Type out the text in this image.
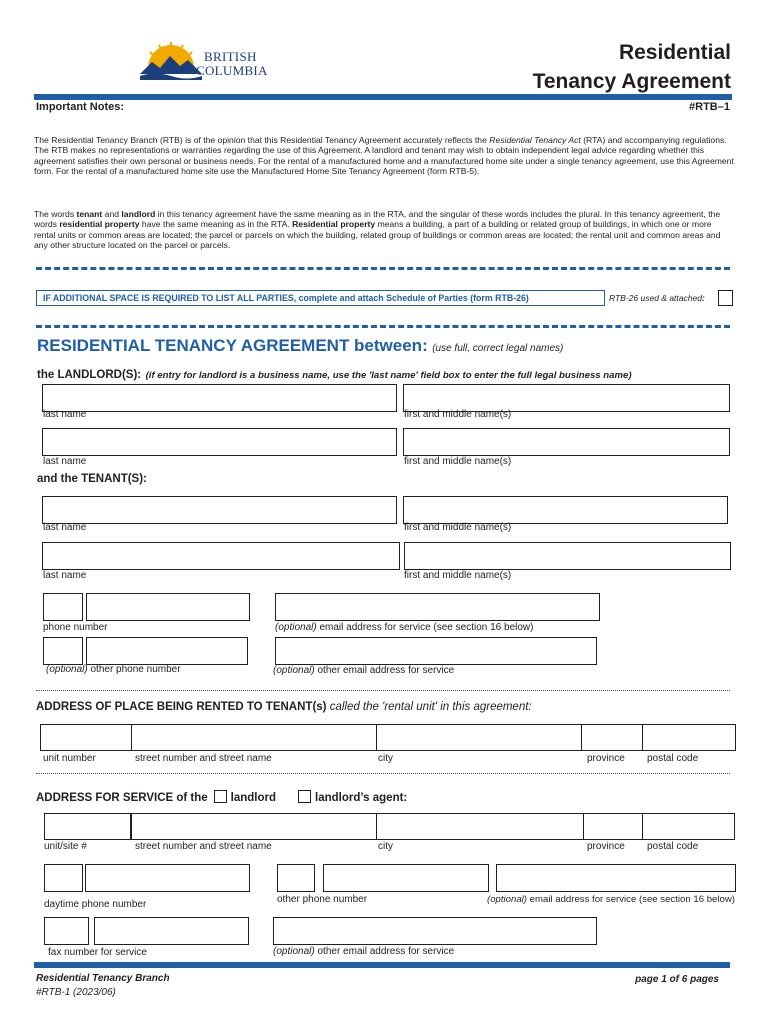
BRITISH
COLUMBIA
Residential
Tenancy Agreement
Important Notes:	#RTB–1
The Residential Tenancy Branch (RTB) is of the opinion that this Residential Tenancy Agreement accurately reflects the Residential Tenancy Act (RTA) and accompanying regulations. The RTB makes no representations or warranties regarding the use of this Agreement. A landlord and tenant may wish to obtain independent legal advice regarding whether this agreement satisfies their own personal or business needs. For the rental of a manufactured home and a manufactured home site under a single tenancy agreement, use this Agreement form. For the rental of a manufactured home site use the Manufactured Home Site Tenancy Agreement (form RTB-5).
The words tenant and landlord in this tenancy agreement have the same meaning as in the RTA, and the singular of these words includes the plural. In this tenancy agreement, the words residential property have the same meaning as in the RTA. Residential property means a building, a part of a building or related group of buildings, in which one or more rental units or common areas are located; the parcel or parcels on which the building, related group of buildings or common areas are located; the rental unit and common areas and any other structure located on the parcel or parcels.
IF ADDITIONAL SPACE IS REQUIRED TO LIST ALL PARTIES, complete and attach Schedule of Parties (form RTB-26)	RTB-26 used & attached:
RESIDENTIAL TENANCY AGREEMENT between: (use full, correct legal names)
the LANDLORD(S): (if entry for landlord is a business name, use the 'last name' field box to enter the full legal business name)
last name	first and middle name(s)
last name	first and middle name(s)
and the TENANT(S):
last name	first and middle name(s)
last name	first and middle name(s)
phone number	(optional) email address for service (see section 16 below)
(optional) other phone number	(optional) other email address for service
ADDRESS OF PLACE BEING RENTED TO TENANT(s) called the 'rental unit' in this agreement:
unit number	street number and street name	city	province postal code
ADDRESS FOR SERVICE of the landlord	landlord’s agent:
unit/site #	street number and street name	city	province postal code
daytime phone number	other phone number	(optional) email address for service (see section 16 below)
fax number for service	(optional) other email address for service
Residential Tenancy Branch
#RTB-1 (2023/06)
page 1 of 6 pages
